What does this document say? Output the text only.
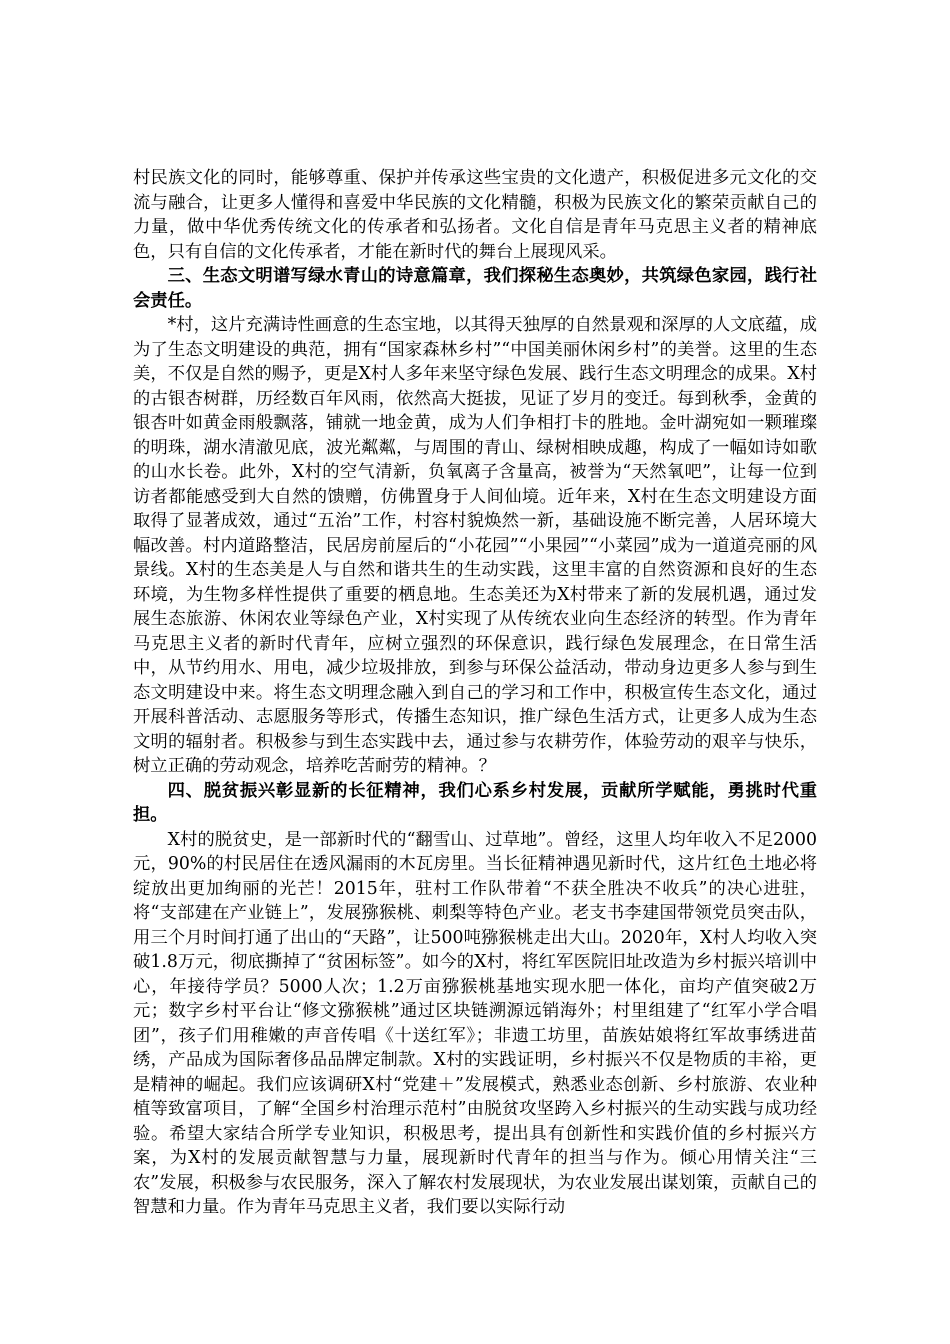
村民族文化的同时，能够尊重、保护并传承这些宝贵的文化遗产，积极促进多元文化的交流与融合，让更多人懂得和喜爱中华民族的文化精髓，积极为民族文化的繁荣贡献自己的力量，做中华优秀传统文化的传承者和弘扬者。文化自信是青年马克思主义者的精神底色，只有自信的文化传承者，才能在新时代的舞台上展现风采。

三、生态文明谱写绿水青山的诗意篇章，我们探秘生态奥妙，共筑绿色家园，践行社会责任。

*村，这片充满诗性画意的生态宝地，以其得天独厚的自然景观和深厚的人文底蕴，成为了生态文明建设的典范，拥有“国家森林乡村”“中国美丽休闲乡村”的美誉。这里的生态美，不仅是自然的赐予，更是X村人多年来坚守绿色发展、践行生态文明理念的成果。X村的古银杏树群，历经数百年风雨，依然高大挺拔，见证了岁月的变迁。每到秋季，金黄的银杏叶如黄金雨般飘落，铺就一地金黄，成为人们争相打卡的胜地。金叶湖宛如一颗璀璨的明珠，湖水清澈见底，波光粼粼，与周围的青山、绿树相映成趣，构成了一幅如诗如歌的山水长卷。此外，X村的空气清新，负氧离子含量高，被誉为“天然氧吧”，让每一位到访者都能感受到大自然的馈赠，仿佛置身于人间仙境。近年来，X村在生态文明建设方面取得了显著成效，通过“五治”工作，村容村貌焕然一新，基础设施不断完善，人居环境大幅改善。村内道路整洁，民居房前屋后的“小花园”“小果园”“小菜园”成为一道道亮丽的风景线。X村的生态美是人与自然和谐共生的生动实践，这里丰富的自然资源和良好的生态环境，为生物多样性提供了重要的栖息地。生态美还为X村带来了新的发展机遇，通过发展生态旅游、休闲农业等绿色产业，X村实现了从传统农业向生态经济的转型。作为青年马克思主义者的新时代青年，应树立强烈的环保意识，践行绿色发展理念，在日常生活中，从节约用水、用电，减少垃圾排放，到参与环保公益活动，带动身边更多人参与到生态文明建设中来。将生态文明理念融入到自己的学习和工作中，积极宣传生态文化，通过开展科普活动、志愿服务等形式，传播生态知识，推广绿色生活方式，让更多人成为生态文明的辐射者。积极参与到生态实践中去，通过参与农耕劳作，体验劳动的艰辛与快乐，树立正确的劳动观念，培养吃苦耐劳的精神。？

四、脱贫振兴彰显新的长征精神，我们心系乡村发展，贡献所学赋能，勇挑时代重担。

X村的脱贫史，是一部新时代的“翻雪山、过草地”。曾经，这里人均年收入不足2000元，90%的村民居住在透风漏雨的木瓦房里。当长征精神遇见新时代，这片红色土地必将绽放出更加绚丽的光芒！2015年，驻村工作队带着“不获全胜决不收兵”的决心进驻，将“支部建在产业链上”，发展猕猴桃、刺梨等特色产业。老支书李建国带领党员突击队，用三个月时间打通了出山的“天路”，让500吨猕猴桃走出大山。2020年，X村人均收入突破1.8万元，彻底撕掉了“贫困标签”。如今的X村，将红军医院旧址改造为乡村振兴培训中心，年接待学员？5000人次；1.2万亩猕猴桃基地实现水肥一体化，亩均产值突破2万元；数字乡村平台让“修文猕猴桃”通过区块链溯源远销海外；村里组建了“红军小学合唱团”，孩子们用稚嫩的声音传唱《十送红军》；非遗工坊里，苗族姑娘将红军故事绣进苗绣，产品成为国际奢侈品品牌定制款。X村的实践证明，乡村振兴不仅是物质的丰裕，更是精神的崛起。我们应该调研X村“党建＋”发展模式，熟悉业态创新、乡村旅游、农业种植等致富项目，了解“全国乡村治理示范村”由脱贫攻坚跨入乡村振兴的生动实践与成功经验。希望大家结合所学专业知识，积极思考，提出具有创新性和实践价值的乡村振兴方案，为X村的发展贡献智慧与力量，展现新时代青年的担当与作为。倾心用情关注“三农”发展，积极参与农民服务，深入了解农村发展现状，为农业发展出谋划策，贡献自己的智慧和力量。作为青年马克思主义者，我们要以实际行动
